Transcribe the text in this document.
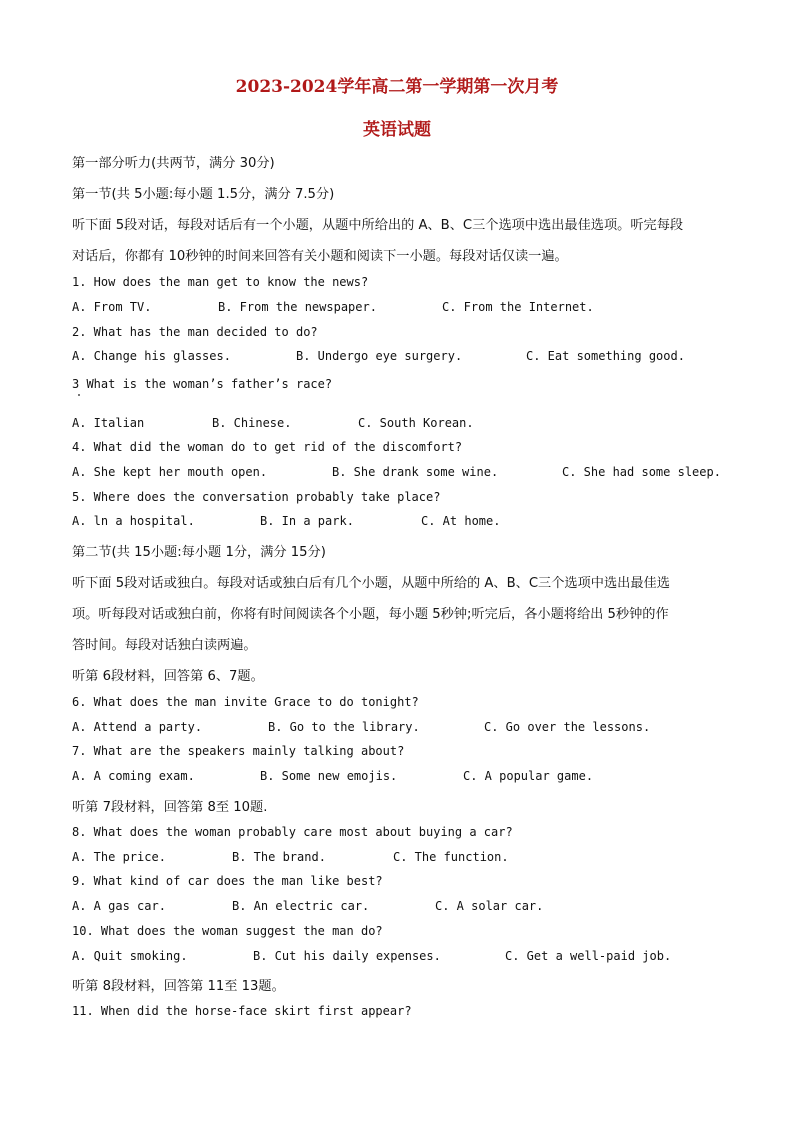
2023-2024学年高二第一学期第一次月考
英语试题
第一部分听力(共两节，满分 30分)
第一节(共 5小题:每小题 1.5分，满分 7.5分)
听下面 5段对话，每段对话后有一个小题，从题中所给出的 A、B、C三个选项中选出最佳选项。听完每段
对话后，你都有 10秒钟的时间来回答有关小题和阅读下一小题。每段对话仅读一遍。
1. How does the man get to know the news?
A. From TV.	B. From the newspaper.	C. From the Internet.
2. What has the man decided to do?
A. Change his glasses.	B. Undergo eye surgery.	C. Eat something good.
3 What is the woman’s father’s race?
A. Italian	B. Chinese.	C. South Korean.
4. What did the woman do to get rid of the discomfort?
A. She kept her mouth open.	B. She drank some wine.	C. She had some sleep.
5. Where does the conversation probably take place?
A. ln a hospital.	B. In a park.	C. At home.
第二节(共 15小题:每小题 1分，满分 15分)
听下面 5段对话或独白。每段对话或独白后有几个小题，从题中所给的 A、B、C三个选项中选出最佳选
项。听每段对话或独白前，你将有时间阅读各个小题，每小题 5秒钟;听完后，各小题将给出 5秒钟的作
答时间。每段对话独白读两遍。
听第 6段材料，回答第 6、7题。
6. What does the man invite Grace to do tonight?
A. Attend a party.	B. Go to the library.	C. Go over the lessons.
7. What are the speakers mainly talking about?
A. A coming exam.	B. Some new emojis.	C. A popular game.
听第 7段材料，回答第 8至 10题.
8. What does the woman probably care most about buying a car?
A. The price.	B. The brand.	C. The function.
9. What kind of car does the man like best?
A. A gas car.	B. An electric car.	C. A solar car.
10. What does the woman suggest the man do?
A. Quit smoking.	B. Cut his daily expenses.	C. Get a well-paid job.
听第 8段材料，回答第 11至 13题。
11. When did the horse-face skirt first appear?
